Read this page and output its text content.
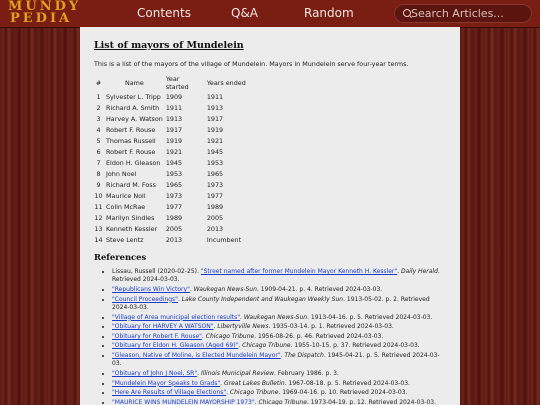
MUNDY
PEDIA	Contents	Q&A	Random
Search Articles...
List of mayors of Mundelein

This is a list of the mayors of the village of Mundelein. Mayors in Mundelein serve four-year terms.

#	Name	Year started	Years ended
1	Sylvester L. Tripp	1909	1911
2	Richard A. Smith	1911	1913
3	Harvey A. Watson	1913	1917
4	Robert F. Rouse	1917	1919
5	Thomas Russell	1919	1921
6	Robert F. Rouse	1921	1945
7	Eldon H. Gleason	1945	1953
8	John Noel	1953	1965
9	Richard M. Foss	1965	1973
10	Maurice Noll	1973	1977
11	Colin McRae	1977	1989
12	Marilyn Sindles	1989	2005
13	Kenneth Kessler	2005	2013
14	Steve Lentz	2013	Incumbent
References
• Lissau, Russell (2020-02-25). "Street named after former Mundelein Mayor Kenneth H. Kessler". Daily Herald. Retrieved 2024-03-03.
• "Republicans Win Victory". Waukegan News-Sun. 1909-04-21. p. 4. Retrieved 2024-03-03.
• "Council Proceedings". Lake County Independent and Waukegan Weekly Sun. 1913-05-02. p. 2. Retrieved 2024-03-03.
• "Village of Area municipal election results". Waukegan News-Sun. 1913-04-16. p. 5. Retrieved 2024-03-03.
• "Obituary for HARVEY A WATSON". Libertyville News. 1935-03-14. p. 1. Retrieved 2024-03-03.
• "Obituary for Robert F. Rouse". Chicago Tribune. 1956-08-26. p. 46. Retrieved 2024-03-03.
• "Obituary for Eldon H. Gleason (Aged 69)". Chicago Tribune. 1955-10-15. p. 37. Retrieved 2024-03-03.
• "Gleason, Native of Moline, is Elected Mundelein Mayor". The Dispatch. 1945-04-21. p. 5. Retrieved 2024-03-03.
• "Obituary of John J Noel, SR". Illinois Municipal Review. February 1986. p. 3.
• "Mundelein Mayor Speaks to Grads". Great Lakes Bulletin. 1967-08-18. p. 5. Retrieved 2024-03-03.
• "Here Are Results of Village Elections". Chicago Tribune. 1969-04-16. p. 10. Retrieved 2024-03-03.
• "MAURICE WINS MUNDELEIN MAYORSHIP 1973". Chicago Tribune. 1973-04-19. p. 12. Retrieved 2024-03-03.
